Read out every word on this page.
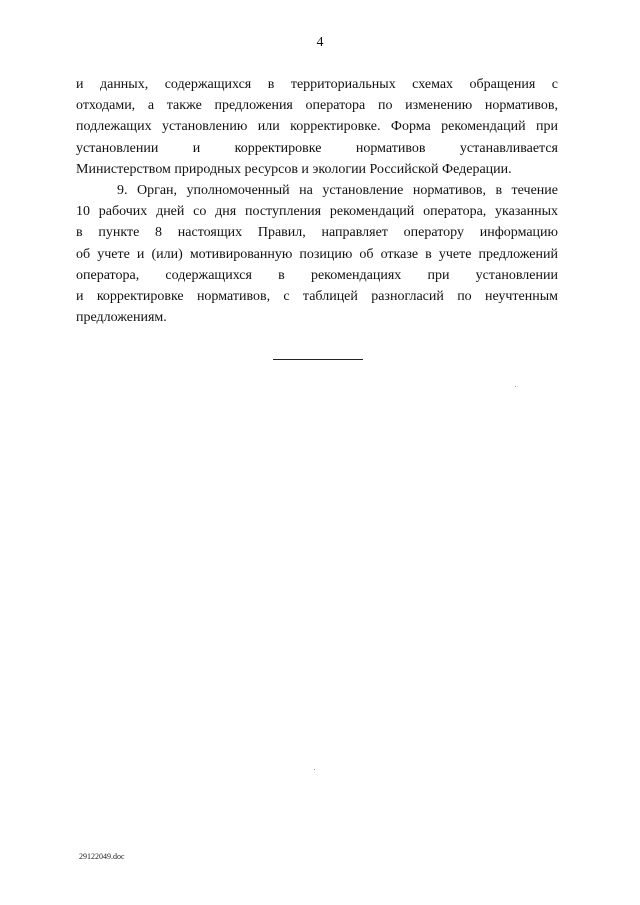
4
и данных, содержащихся в территориальных схемах обращения с
отходами, а также предложения оператора по изменению нормативов,
подлежащих установлению или корректировке. Форма рекомендаций при
установлении и корректировке нормативов устанавливается
Министерством природных ресурсов и экологии Российской Федерации.
9. Орган, уполномоченный на установление нормативов, в течение
10 рабочих дней со дня поступления рекомендаций оператора, указанных
в пункте 8 настоящих Правил, направляет оператору информацию
об учете и (или) мотивированную позицию об отказе в учете предложений
оператора, содержащихся в рекомендациях при установлении
и корректировке нормативов, с таблицей разногласий по неучтенным
предложениям.
29122049.doc
